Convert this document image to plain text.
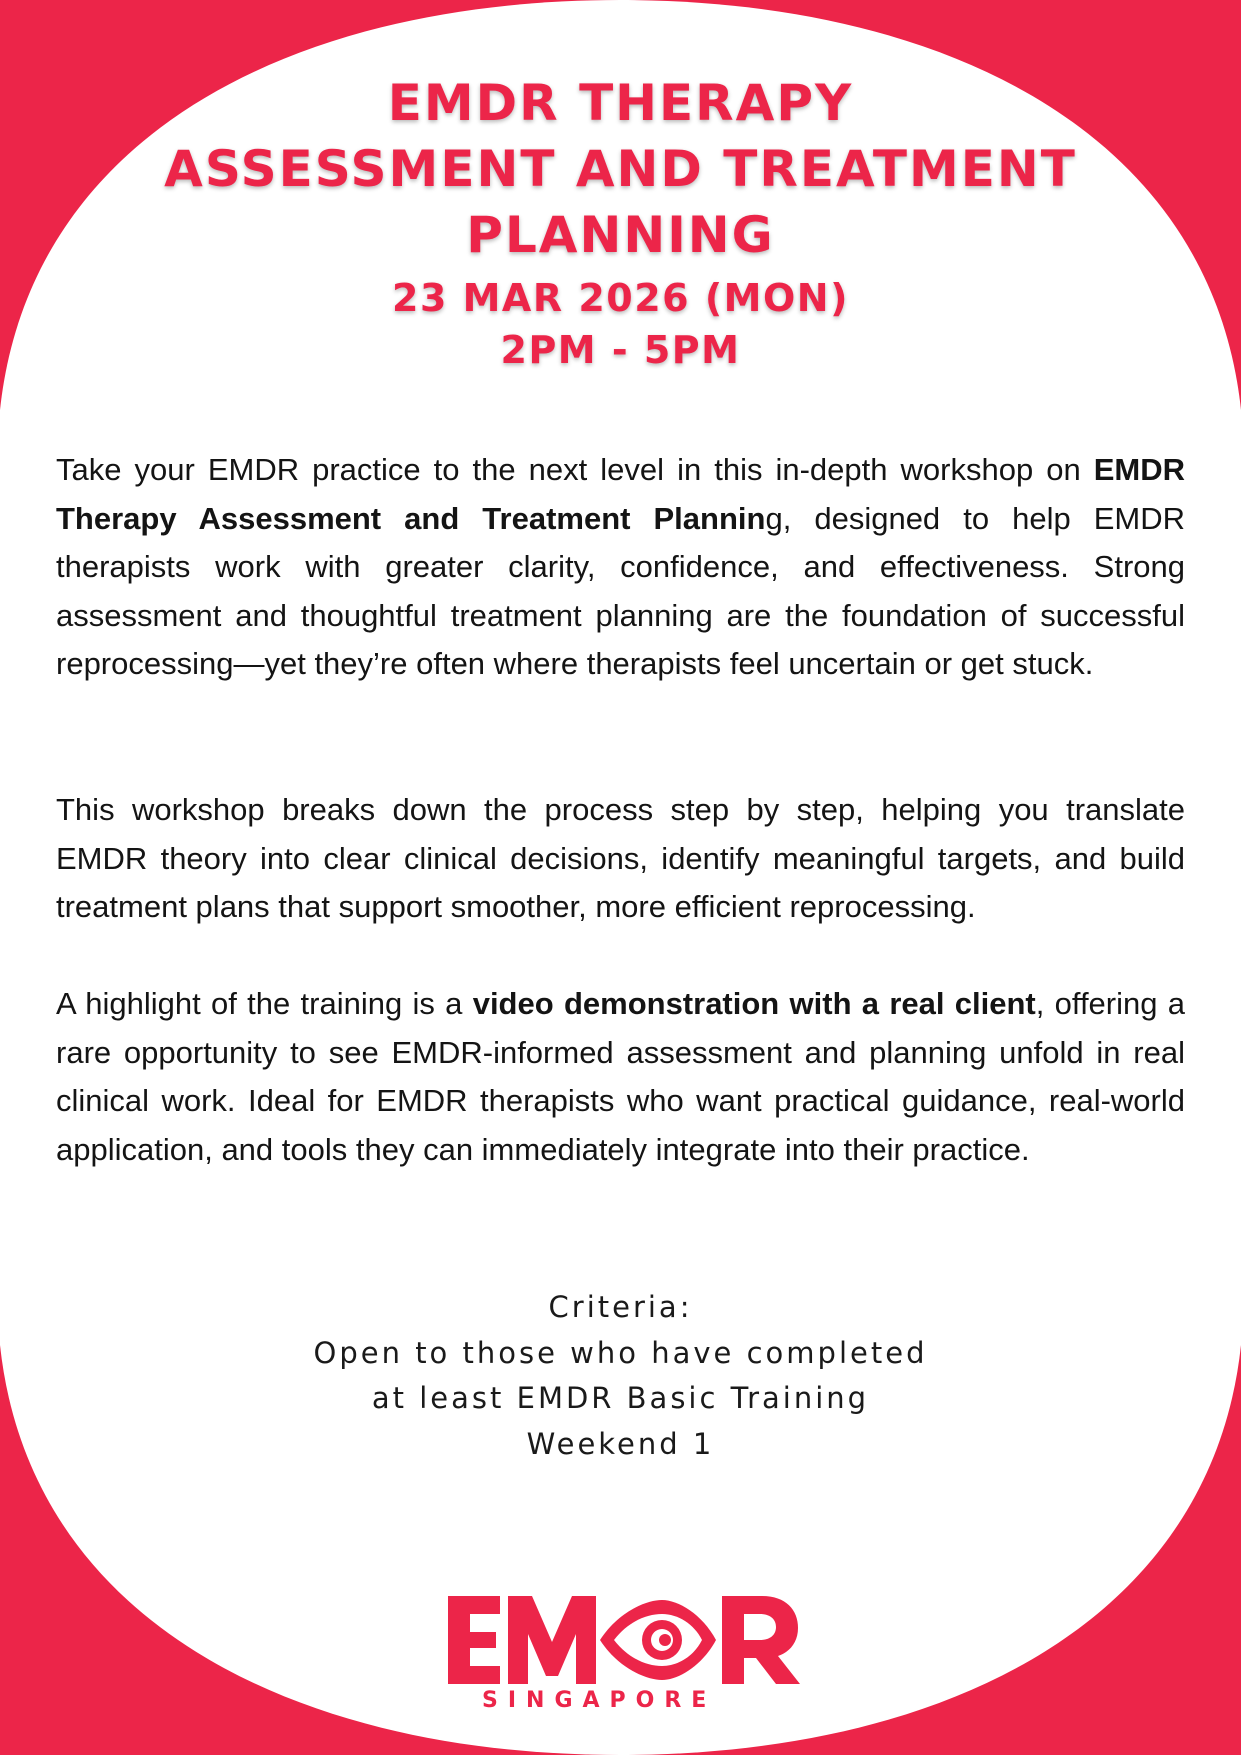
EMDR THERAPY
ASSESSMENT AND TREATMENT
PLANNING
23 MAR 2026 (MON)
2PM - 5PM

Take your EMDR practice to the next level in this in-depth workshop on EMDR Therapy Assessment and Treatment Planning, designed to help EMDR therapists work with greater clarity, confidence, and effectiveness. Strong assessment and thoughtful treatment planning are the foundation of successful reprocessing—yet they’re often where therapists feel uncertain or get stuck.

This workshop breaks down the process step by step, helping you translate EMDR theory into clear clinical decisions, identify meaningful targets, and build treatment plans that support smoother, more efficient reprocessing.

A highlight of the training is a video demonstration with a real client, offering a rare opportunity to see EMDR-informed assessment and planning unfold in real clinical work. Ideal for EMDR therapists who want practical guidance, real-world application, and tools they can immediately integrate into their practice.

Criteria:
Open to those who have completed
at least EMDR Basic Training
Weekend 1
SINGAPORE
